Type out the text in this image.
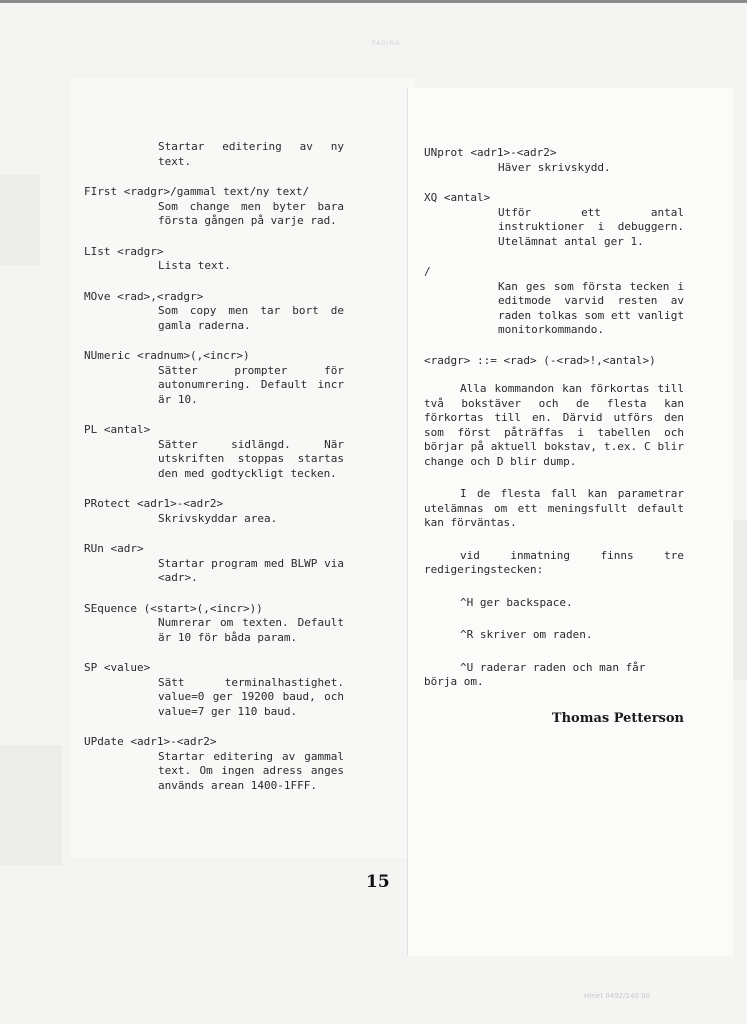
PAGINA
Startar editering av ny text.
FIrst <radgr>/gammal text/ny text/
Som change men byter bara första gången på varje rad.
LIst <radgr>
Lista text.
MOve <rad>,<radgr>
Som copy men tar bort de gamla raderna.
NUmeric <radnum>(,<incr>)
Sätter prompter för autonumrering. Default incr är 10.
PL <antal>
Sätter sidlängd. När utskriften stoppas startas den med godtyckligt tecken.
PRotect <adr1>-<adr2>
Skrivskyddar area.
RUn <adr>
Startar program med BLWP via <adr>.
SEquence (<start>(,<incr>))
Numrerar om texten. Default är 10 för båda param.
SP <value>
Sätt terminalhastighet. value=0 ger 19200 baud, och value=7 ger 110 baud.
UPdate <adr1>-<adr2>
Startar editering av gammal text. Om ingen adress anges används arean 1400-1FFF.
UNprot <adr1>-<adr2>
Häver skrivskydd.
XQ <antal>
Utför ett antal instruktioner i debuggern. Utelämnat antal ger 1.
/
Kan ges som första tecken i editmode varvid resten av raden tolkas som ett vanligt monitorkommando.
<radgr> ::= <rad> (-<rad>!,<antal>)
Alla kommandon kan förkortas till två bokstäver och de flesta kan förkortas till en. Därvid utförs den som först påträffas i tabellen och börjar på aktuell bokstav, t.ex. C blir change och D blir dump.
I de flesta fall kan parametrar utelämnas om ett meningsfullt default kan förväntas.
vid inmatning finns tre redigeringstecken:
^H ger backspace.
^R skriver om raden.
^U raderar raden och man får börja om.
Thomas Petterson
15
Hiriet 0492/140 00
